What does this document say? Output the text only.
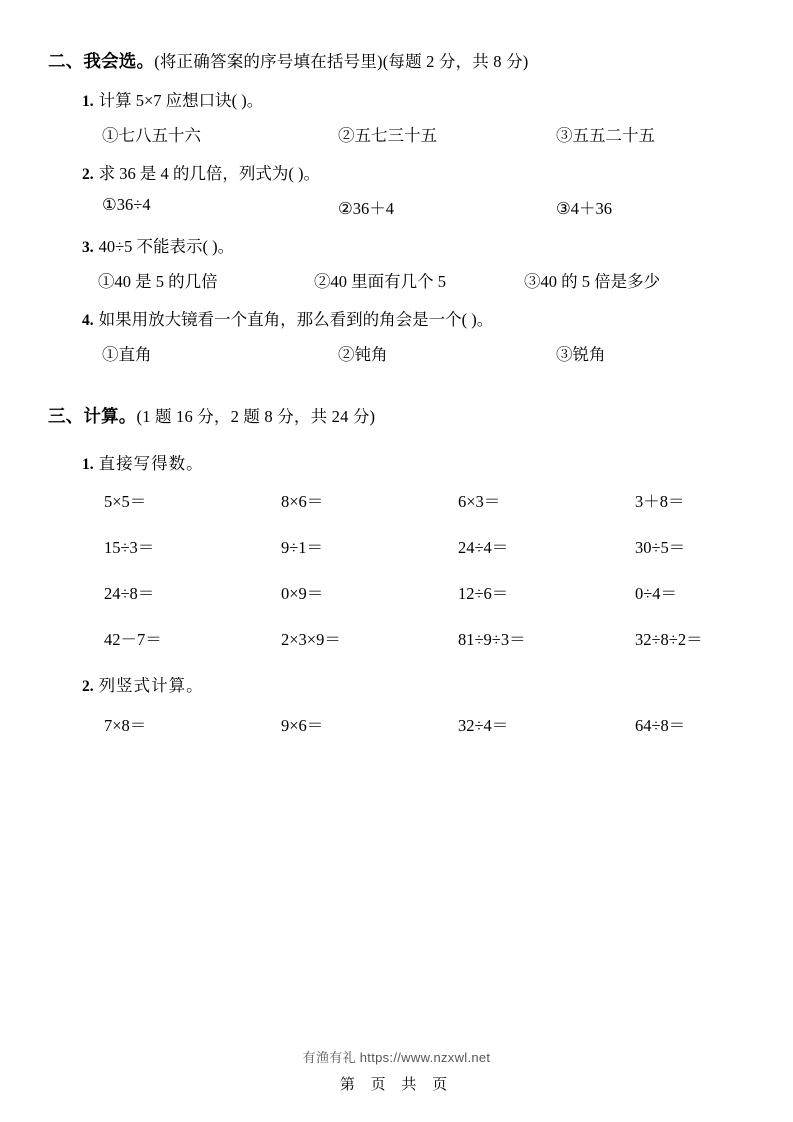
二、我会选。(将正确答案的序号填在括号里)(每题 2 分，共 8 分)
1. 计算 5×7 应想口诀( )。
①七八五十六	②五七三十五	③五五二十五
2. 求 36 是 4 的几倍，列式为( )。
①36÷4	②36＋4	③4＋36
3. 40÷5 不能表示( )。
①40 是 5 的几倍	②40 里面有几个 5	③40 的 5 倍是多少
4. 如果用放大镜看一个直角，那么看到的角会是一个( )。
①直角	②钝角	③锐角
三、计算。(1 题 16 分，2 题 8 分，共 24 分)
1. 直接写得数。
5×5＝	8×6＝	6×3＝	3＋8＝
15÷3＝	9÷1＝	24÷4＝	30÷5＝
24÷8＝	0×9＝	12÷6＝	0÷4＝
42－7＝	2×3×9＝	81÷9÷3＝	32÷8÷2＝
2. 列竖式计算。
7×8＝	9×6＝	32÷4＝	64÷8＝
有渔有礼 https://www.nzxwl.net
第 页 共 页
